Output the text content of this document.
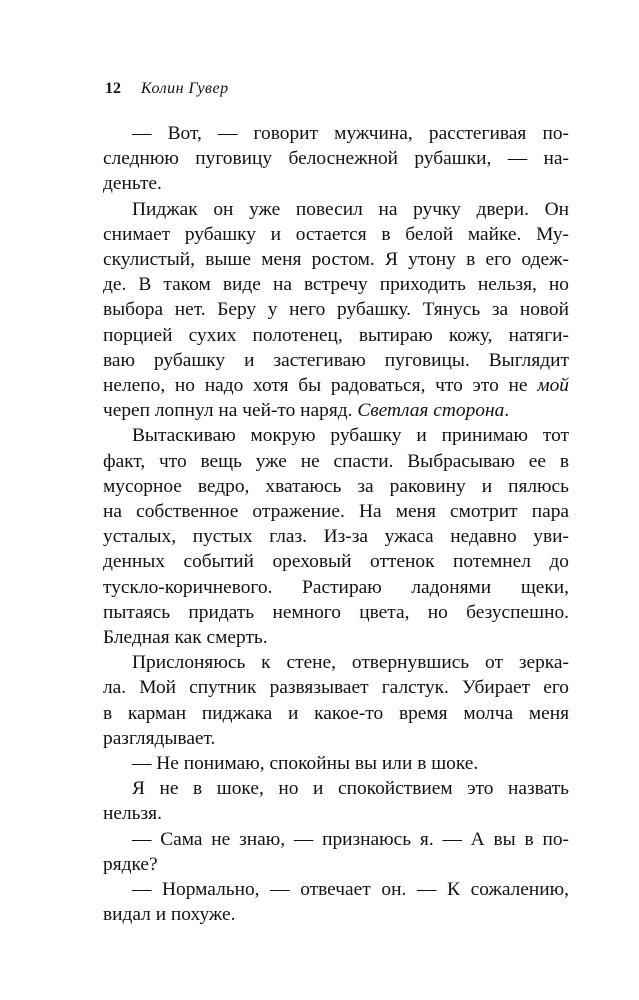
12 Колин Гувер
— Вот, — говорит мужчина, расстегивая по-
следнюю пуговицу белоснежной рубашки, — на-
деньте.
Пиджак он уже повесил на ручку двери. Он
снимает рубашку и остается в белой майке. Му-
скулистый, выше меня ростом. Я утону в его одеж-
де. В таком виде на встречу приходить нельзя, но
выбора нет. Беру у него рубашку. Тянусь за новой
порцией сухих полотенец, вытираю кожу, натяги-
ваю рубашку и застегиваю пуговицы. Выглядит
нелепо, но надо хотя бы радоваться, что это не мой
череп лопнул на чей-то наряд. Светлая сторона.
Вытаскиваю мокрую рубашку и принимаю тот
факт, что вещь уже не спасти. Выбрасываю ее в
мусорное ведро, хватаюсь за раковину и пялюсь
на собственное отражение. На меня смотрит пара
усталых, пустых глаз. Из-за ужаса недавно уви-
денных событий ореховый оттенок потемнел до
тускло-коричневого. Растираю ладонями щеки,
пытаясь придать немного цвета, но безуспешно.
Бледная как смерть.
Прислоняюсь к стене, отвернувшись от зерка-
ла. Мой спутник развязывает галстук. Убирает его
в карман пиджака и какое-то время молча меня
разглядывает.
— Не понимаю, спокойны вы или в шоке.
Я не в шоке, но и спокойствием это назвать
нельзя.
— Сама не знаю, — признаюсь я. — А вы в по-
рядке?
— Нормально, — отвечает он. — К сожалению,
видал и похуже.
